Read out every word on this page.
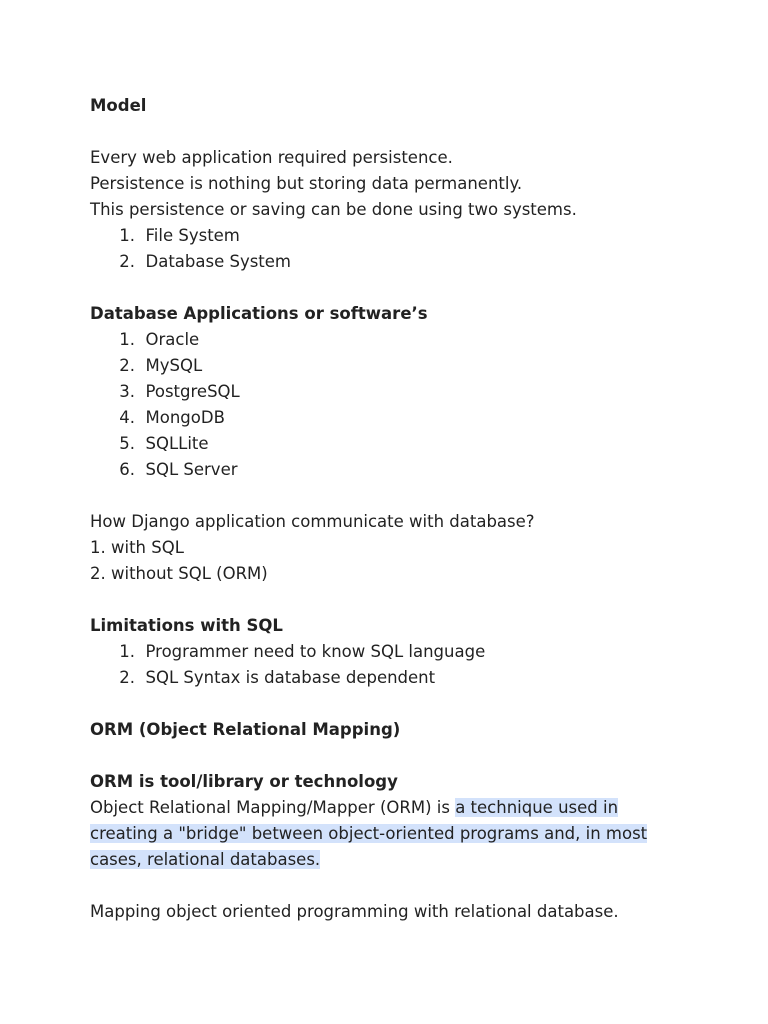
Model
Every web application required persistence.
Persistence is nothing but storing data permanently.
This persistence or saving can be done using two systems.
1. File System
2. Database System
Database Applications or software’s
1. Oracle
2. MySQL
3. PostgreSQL
4. MongoDB
5. SQLLite
6. SQL Server
How Django application communicate with database?
1. with SQL
2. without SQL (ORM)
Limitations with SQL
1. Programmer need to know SQL language
2. SQL Syntax is database dependent
ORM (Object Relational Mapping)
ORM is tool/library or technology
Object Relational Mapping/Mapper (ORM) is a technique used in creating a "bridge" between object-oriented programs and, in most cases, relational databases.
Mapping object oriented programming with relational database.
